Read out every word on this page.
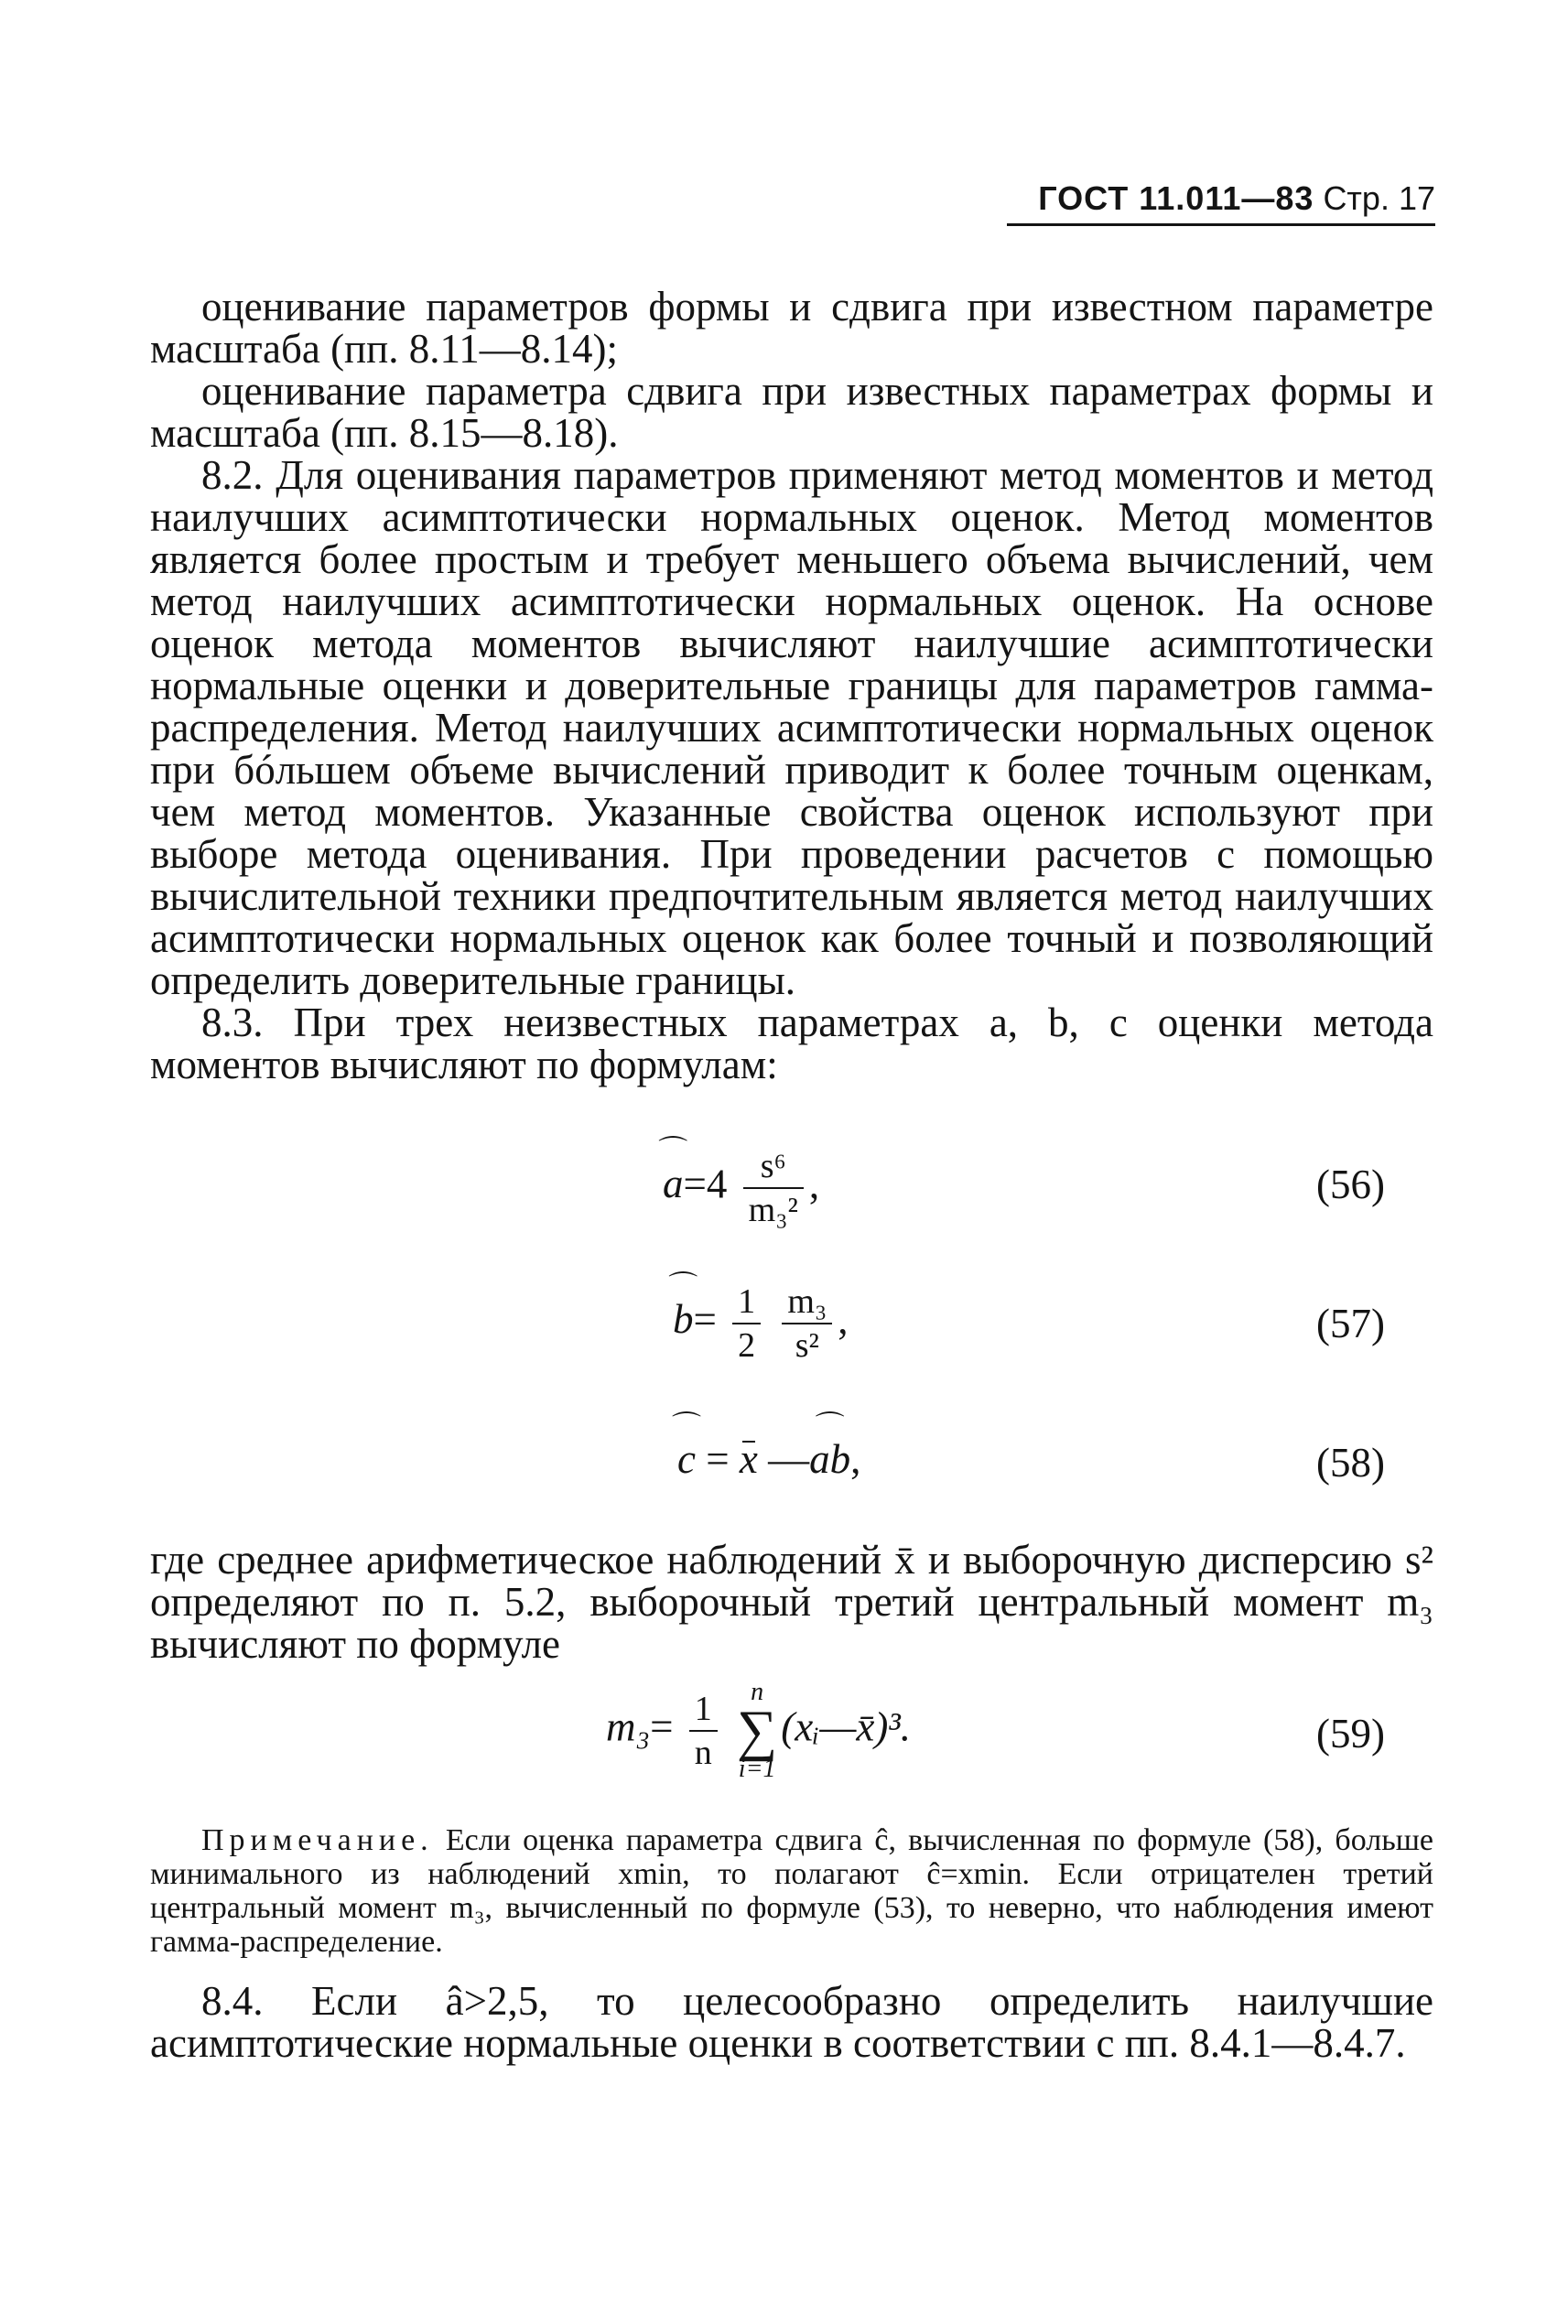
ГОСТ 11.011—83 Стр. 17

оценивание параметров формы и сдвига при известном параметре масштаба (пп. 8.11—8.14);

оценивание параметра сдвига при известных параметрах формы и масштаба (пп. 8.15—8.18).

8.2. Для оценивания параметров применяют метод моментов и метод наилучших асимптотически нормальных оценок. Метод моментов является более простым и требует меньшего объема вычислений, чем метод наилучших асимптотически нормальных оценок. На основе оценок метода моментов вычисляют наилучшие асимптотически нормальные оценки и доверительные границы для параметров гамма-распределения. Метод наилучших асимптотически нормальных оценок при бóльшем объеме вычислений приводит к более точным оценкам, чем метод моментов. Указанные свойства оценок используют при выборе метода оценивания. При проведении расчетов с помощью вычислительной техники предпочтительным является метод наилучших асимптотически нормальных оценок как более точный и позволяющий определить доверительные границы.

8.3. При трех неизвестных параметрах a, b, c оценки метода моментов вычисляют по формулам:

⌒ $a=4 \frac{\text{s⁶}}{\text{m₃²}}$ ,	(56)
⌒ $b= \frac{1}{2}$
$\frac{\text{m₃}}{\text{s²}}$ ,	(57)
⌒ c = x —⌒ ab,	(58)

где среднее арифметическое наблюдений x̄ и выборочную дисперсию s² определяют по п. 5.2, выборочный третий центральный момент m₃ вычисляют по формуле

$m_3= \frac{1}{n}$
	n
∑
i=1
(xᵢ—x̄)³.	(59)

Примечание. Если оценка параметра сдвига ĉ, вычисленная по формуле (58), больше минимального из наблюдений xmin, то полагают ĉ=xmin. Если отрицателен третий центральный момент m₃, вычисленный по формуле (53), то неверно, что наблюдения имеют гамма-распределение.

8.4. Если â>2,5, то целесообразно определить наилучшие асимптотические нормальные оценки в соответствии с пп. 8.4.1—8.4.7.
